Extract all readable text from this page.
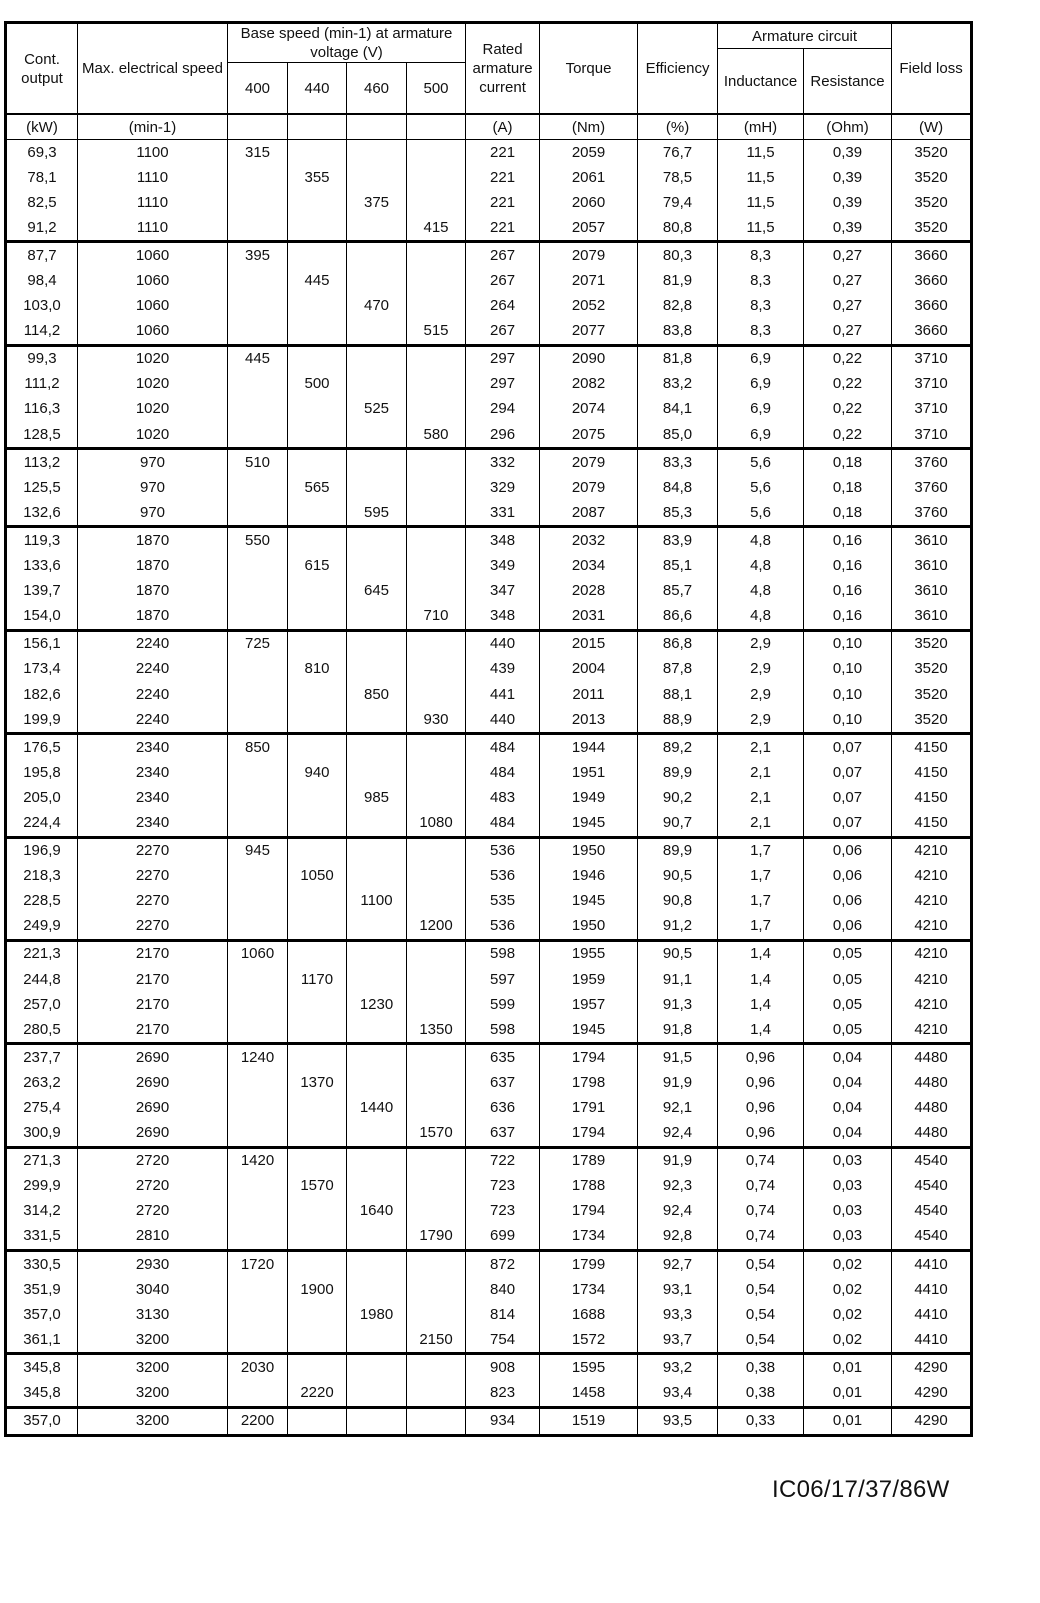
Cont. output	Max. electrical speed	Base speed (min-1) at armature voltage (V)				Rated armature current	Torque	Efficiency	Armature circuit		Field loss
									Inductance	Resistance	
		400	440	460	500						
(kW)	(min-1)					(A)	(Nm)	(%)	(mH)	(Ohm)	(W)
69,3	1100	315				221	2059	76,7	11,5	0,39	3520
78,1	1110		355			221	2061	78,5	11,5	0,39	3520
82,5	1110			375		221	2060	79,4	11,5	0,39	3520
91,2	1110				415	221	2057	80,8	11,5	0,39	3520
87,7	1060	395				267	2079	80,3	8,3	0,27	3660
98,4	1060		445			267	2071	81,9	8,3	0,27	3660
103,0	1060			470		264	2052	82,8	8,3	0,27	3660
114,2	1060				515	267	2077	83,8	8,3	0,27	3660
99,3	1020	445				297	2090	81,8	6,9	0,22	3710
111,2	1020		500			297	2082	83,2	6,9	0,22	3710
116,3	1020			525		294	2074	84,1	6,9	0,22	3710
128,5	1020				580	296	2075	85,0	6,9	0,22	3710
113,2	970	510				332	2079	83,3	5,6	0,18	3760
125,5	970		565			329	2079	84,8	5,6	0,18	3760
132,6	970			595		331	2087	85,3	5,6	0,18	3760
119,3	1870	550				348	2032	83,9	4,8	0,16	3610
133,6	1870		615			349	2034	85,1	4,8	0,16	3610
139,7	1870			645		347	2028	85,7	4,8	0,16	3610
154,0	1870				710	348	2031	86,6	4,8	0,16	3610
156,1	2240	725				440	2015	86,8	2,9	0,10	3520
173,4	2240		810			439	2004	87,8	2,9	0,10	3520
182,6	2240			850		441	2011	88,1	2,9	0,10	3520
199,9	2240				930	440	2013	88,9	2,9	0,10	3520
176,5	2340	850				484	1944	89,2	2,1	0,07	4150
195,8	2340		940			484	1951	89,9	2,1	0,07	4150
205,0	2340			985		483	1949	90,2	2,1	0,07	4150
224,4	2340				1080	484	1945	90,7	2,1	0,07	4150
196,9	2270	945				536	1950	89,9	1,7	0,06	4210
218,3	2270		1050			536	1946	90,5	1,7	0,06	4210
228,5	2270			1100		535	1945	90,8	1,7	0,06	4210
249,9	2270				1200	536	1950	91,2	1,7	0,06	4210
221,3	2170	1060				598	1955	90,5	1,4	0,05	4210
244,8	2170		1170			597	1959	91,1	1,4	0,05	4210
257,0	2170			1230		599	1957	91,3	1,4	0,05	4210
280,5	2170				1350	598	1945	91,8	1,4	0,05	4210
237,7	2690	1240				635	1794	91,5	0,96	0,04	4480
263,2	2690		1370			637	1798	91,9	0,96	0,04	4480
275,4	2690			1440		636	1791	92,1	0,96	0,04	4480
300,9	2690				1570	637	1794	92,4	0,96	0,04	4480
271,3	2720	1420				722	1789	91,9	0,74	0,03	4540
299,9	2720		1570			723	1788	92,3	0,74	0,03	4540
314,2	2720			1640		723	1794	92,4	0,74	0,03	4540
331,5	2810				1790	699	1734	92,8	0,74	0,03	4540
330,5	2930	1720				872	1799	92,7	0,54	0,02	4410
351,9	3040		1900			840	1734	93,1	0,54	0,02	4410
357,0	3130			1980		814	1688	93,3	0,54	0,02	4410
361,1	3200				2150	754	1572	93,7	0,54	0,02	4410
345,8	3200	2030				908	1595	93,2	0,38	0,01	4290
345,8	3200		2220			823	1458	93,4	0,38	0,01	4290
357,0	3200	2200				934	1519	93,5	0,33	0,01	4290
IC06/17/37/86W
